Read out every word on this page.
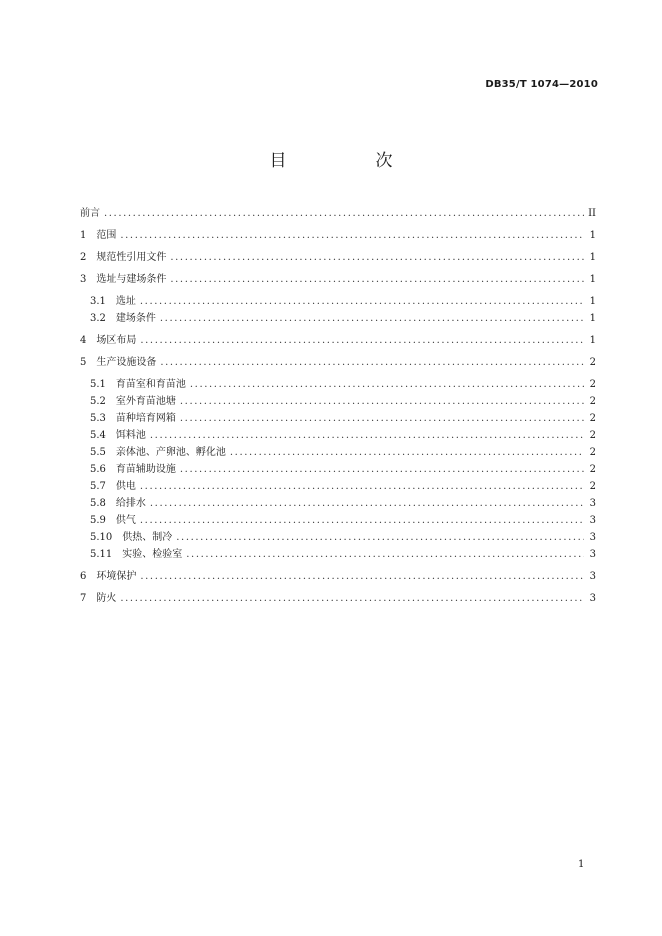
DB35/T 1074—2010
目　次
前言 .....	II
1 范围 .....	1
2 规范性引用文件 .....	1
3 选址与建场条件 .....	1
3.1 选址 .....	1
3.2 建场条件 .....	1
4 场区布局 .....	1
5 生产设施设备 .....	2
5.1 育苗室和育苗池 .....	2
5.2 室外育苗池塘 .....	2
5.3 苗种培育网箱 .....	2
5.4 饵料池 .....	2
5.5 亲体池、产卵池、孵化池 .....	2
5.6 育苗辅助设施 .....	2
5.7 供电 .....	2
5.8 给排水 .....	3
5.9 供气 .....	3
5.10 供热、制冷 .....	3
5.11 实验、检验室 .....	3
6 环境保护 .....	3
7 防火 .....	3
1
